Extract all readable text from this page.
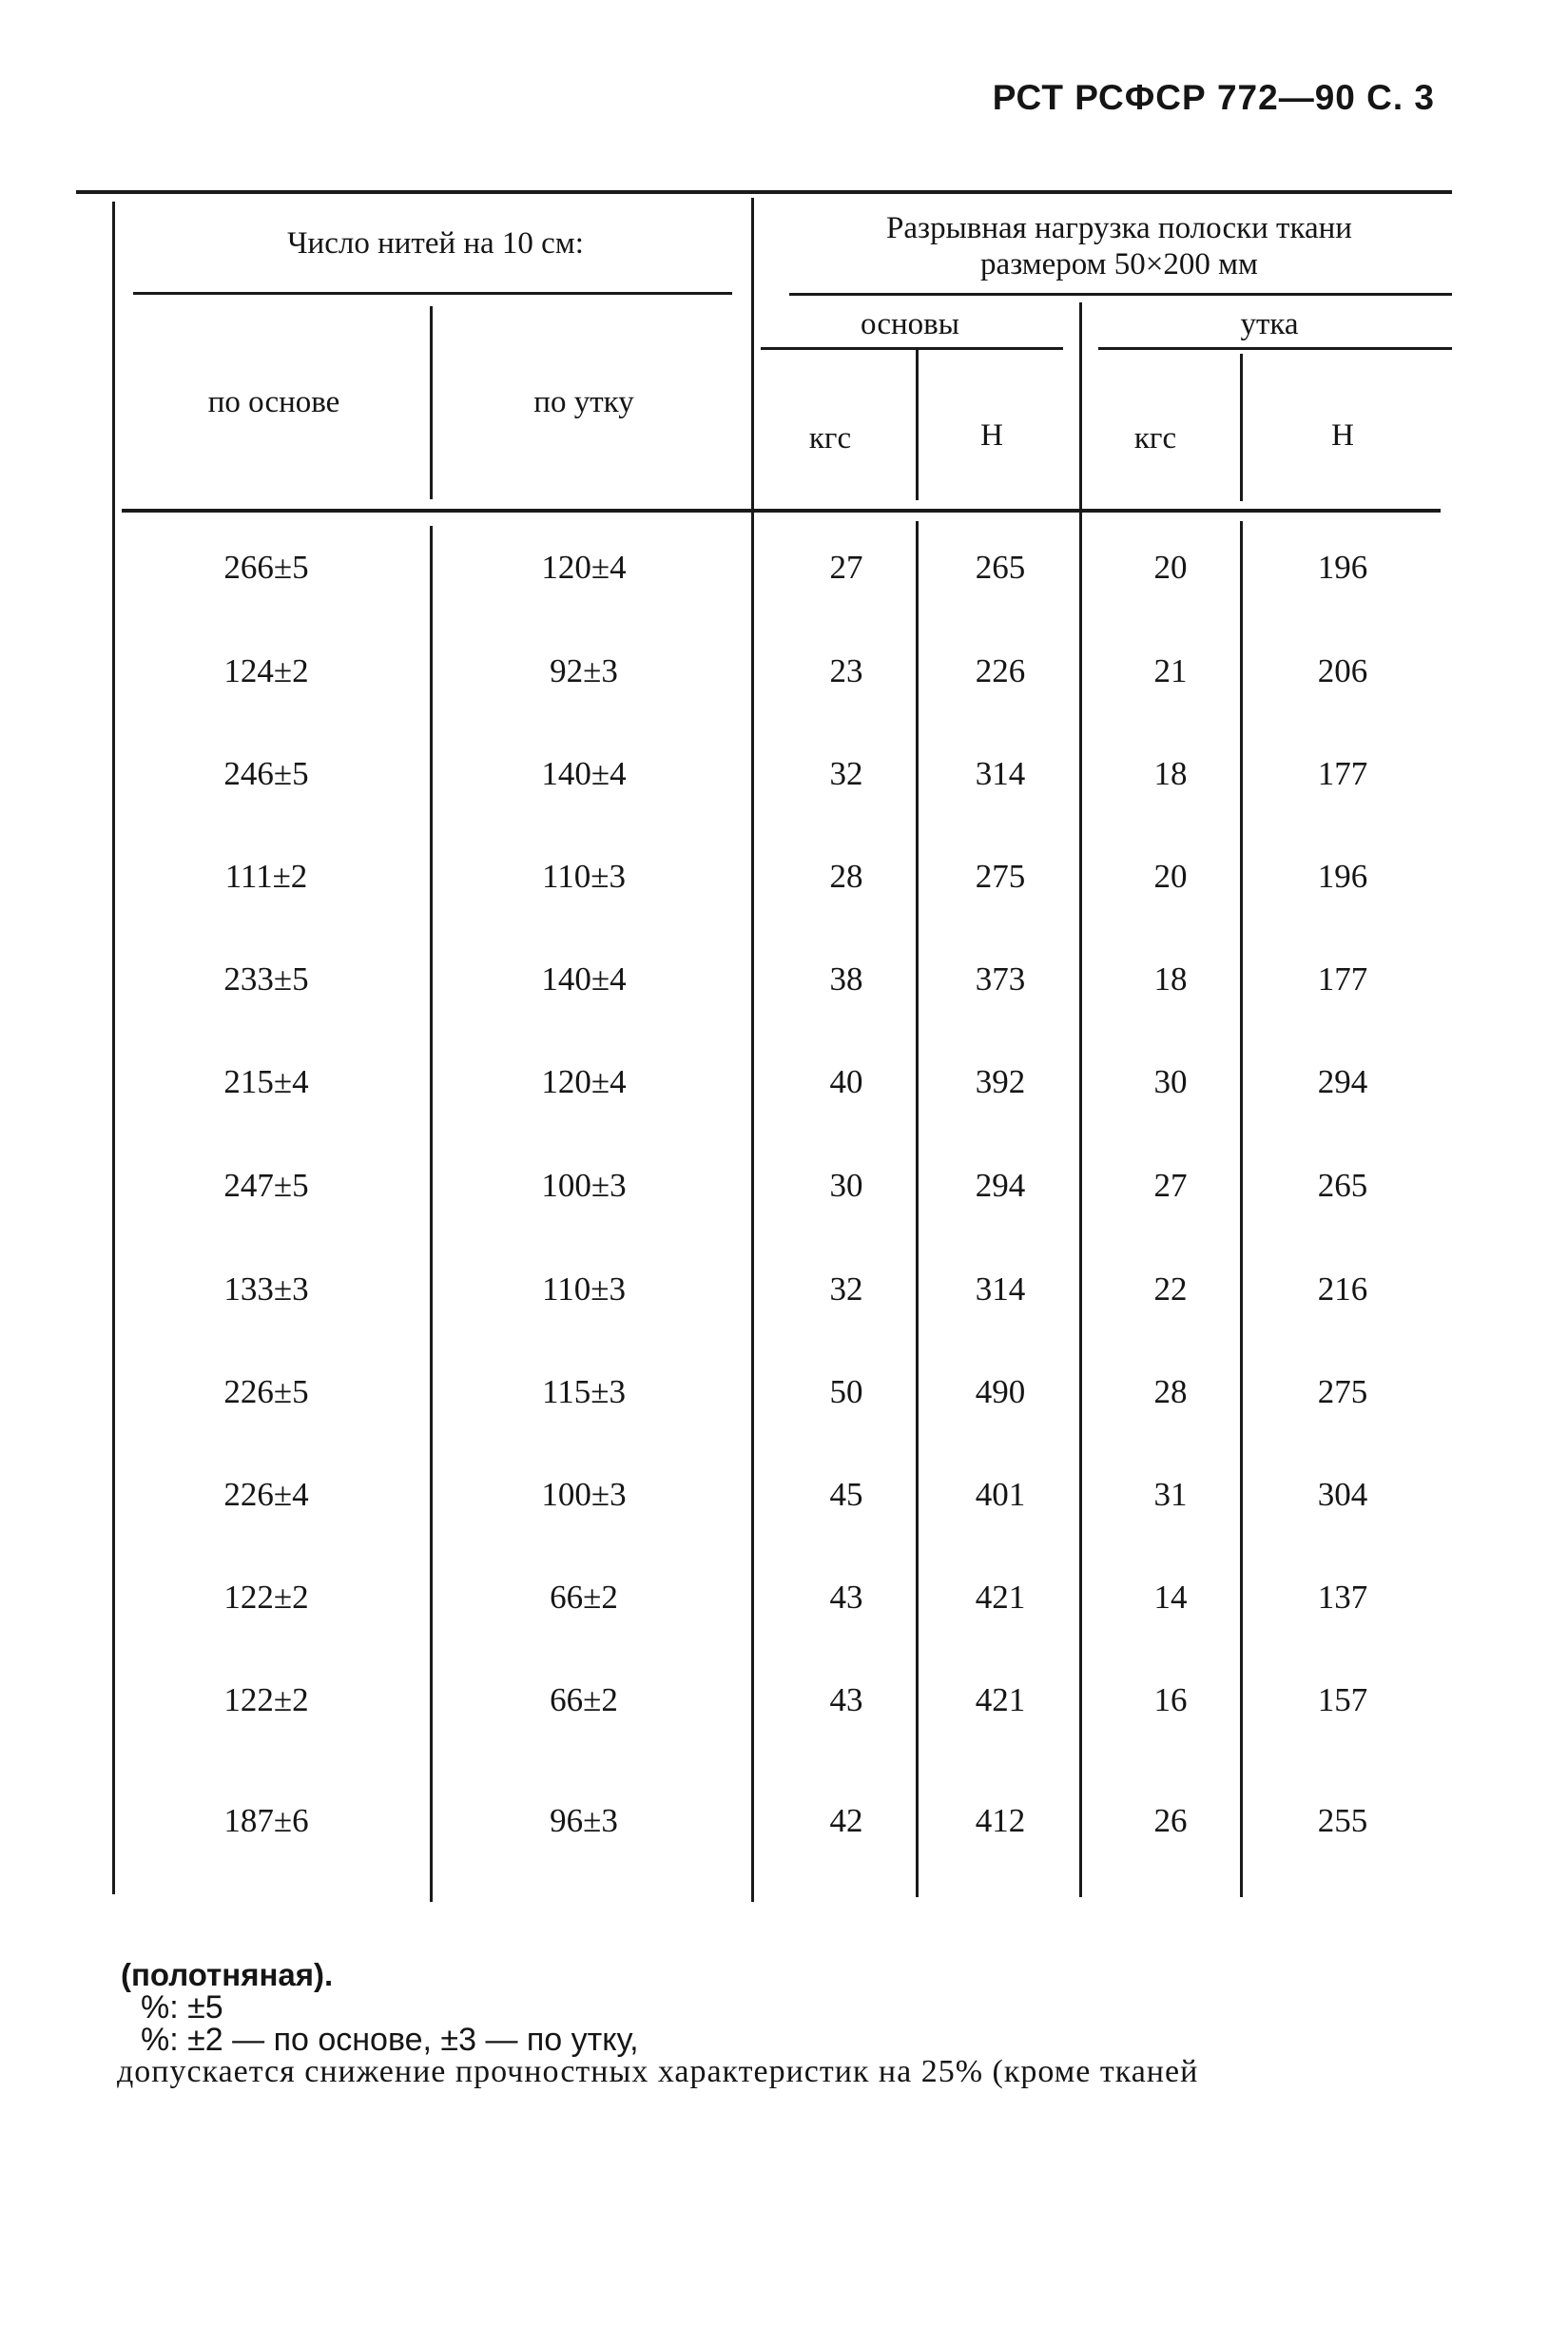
РСТ РСФСР 772—90 С. 3
Число нитей на 10 см:	Разрывная нагрузка полоски ткани
размером 50×200 мм
по основе	по утку
основы	утка
кгс	Н	кгс	Н
266±5	120±4	27	265	20	196
124±2	92±3	23	226	21	206
246±5	140±4	32	314	18	177
111±2	110±3	28	275	20	196
233±5	140±4	38	373	18	177
215±4	120±4	40	392	30	294
247±5	100±3	30	294	27	265
133±3	110±3	32	314	22	216
226±5	115±3	50	490	28	275
226±4	100±3	45	401	31	304
122±2	66±2	43	421	14	137
122±2	66±2	43	421	16	157
187±6	96±3	42	412	26	255
(полотняная).
%: ±5
%: ±2 — по основе, ±3 — по утку,
допускается снижение прочностных характеристик на 25% (кроме тканей
